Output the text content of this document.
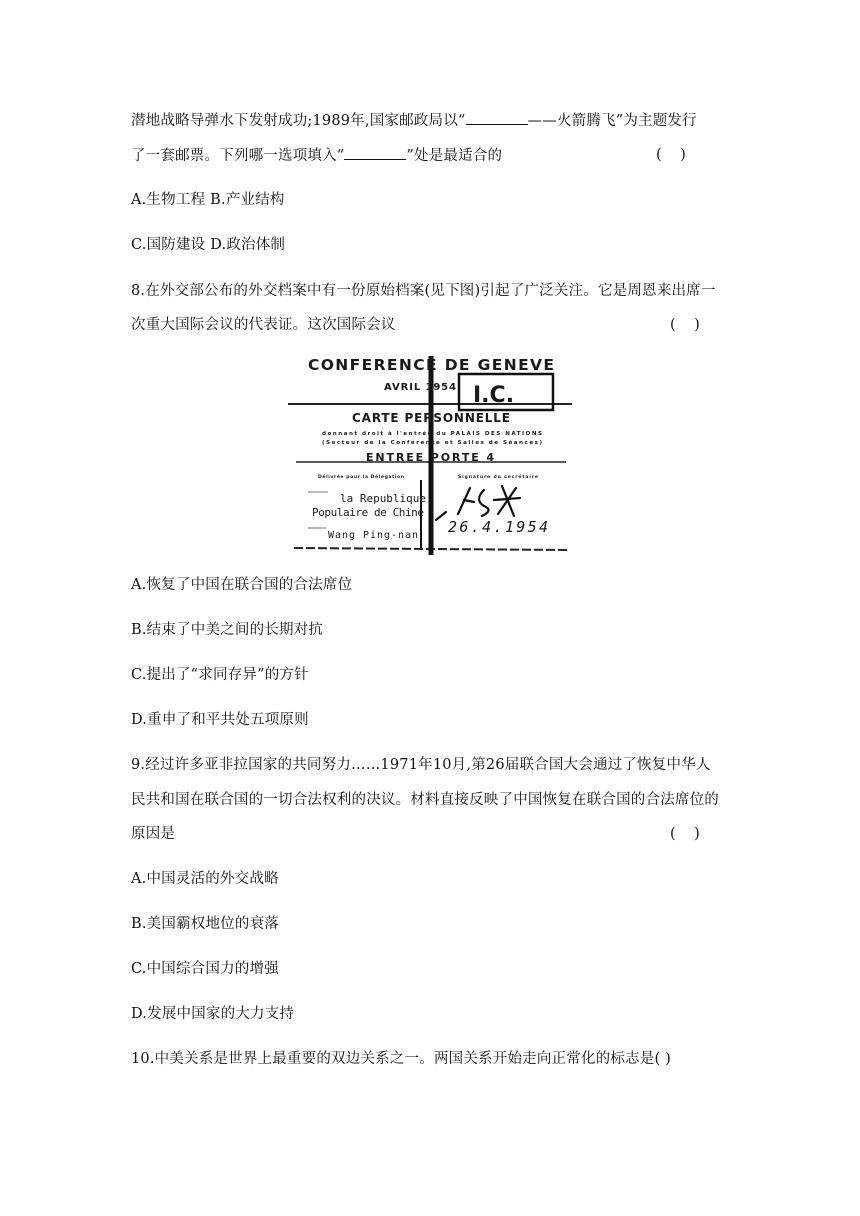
潜地战略导弹水下发射成功;1989年,国家邮政局以“	——火箭腾飞”为主题发行
了一套邮票。下列哪一选项填入“	”处是最适合的	(    )
A.生物工程 B.产业结构
C.国防建设 D.政治体制
8.在外交部公布的外交档案中有一份原始档案(见下图)引起了广泛关注。它是周恩来出席一
次重大国际会议的代表证。这次国际会议	(    )
CONFERENCE DE GENEVE
AVRIL 1954 I.C.
CARTE PERSONNELLE
donnant droit à l'entrée du PALAIS DES NATIONS
(Secteur de la Conférence et Salles de Séances)
ENTREE PORTE 4
Délivrée pour la Délégation	Signature du secrétaire
la Republique
Populaire de Chine
Wang Ping-nan 26.4.1954
A.恢复了中国在联合国的合法席位
B.结束了中美之间的长期对抗
C.提出了“求同存异”的方针
D.重申了和平共处五项原则
9.经过许多亚非拉国家的共同努力……1971年10月,第26届联合国大会通过了恢复中华人
民共和国在联合国的一切合法权利的决议。材料直接反映了中国恢复在联合国的合法席位的
原因是	(    )
A.中国灵活的外交战略
B.美国霸权地位的衰落
C.中国综合国力的增强
D.发展中国家的大力支持
10.中美关系是世界上最重要的双边关系之一。两国关系开始走向正常化的标志是( )
